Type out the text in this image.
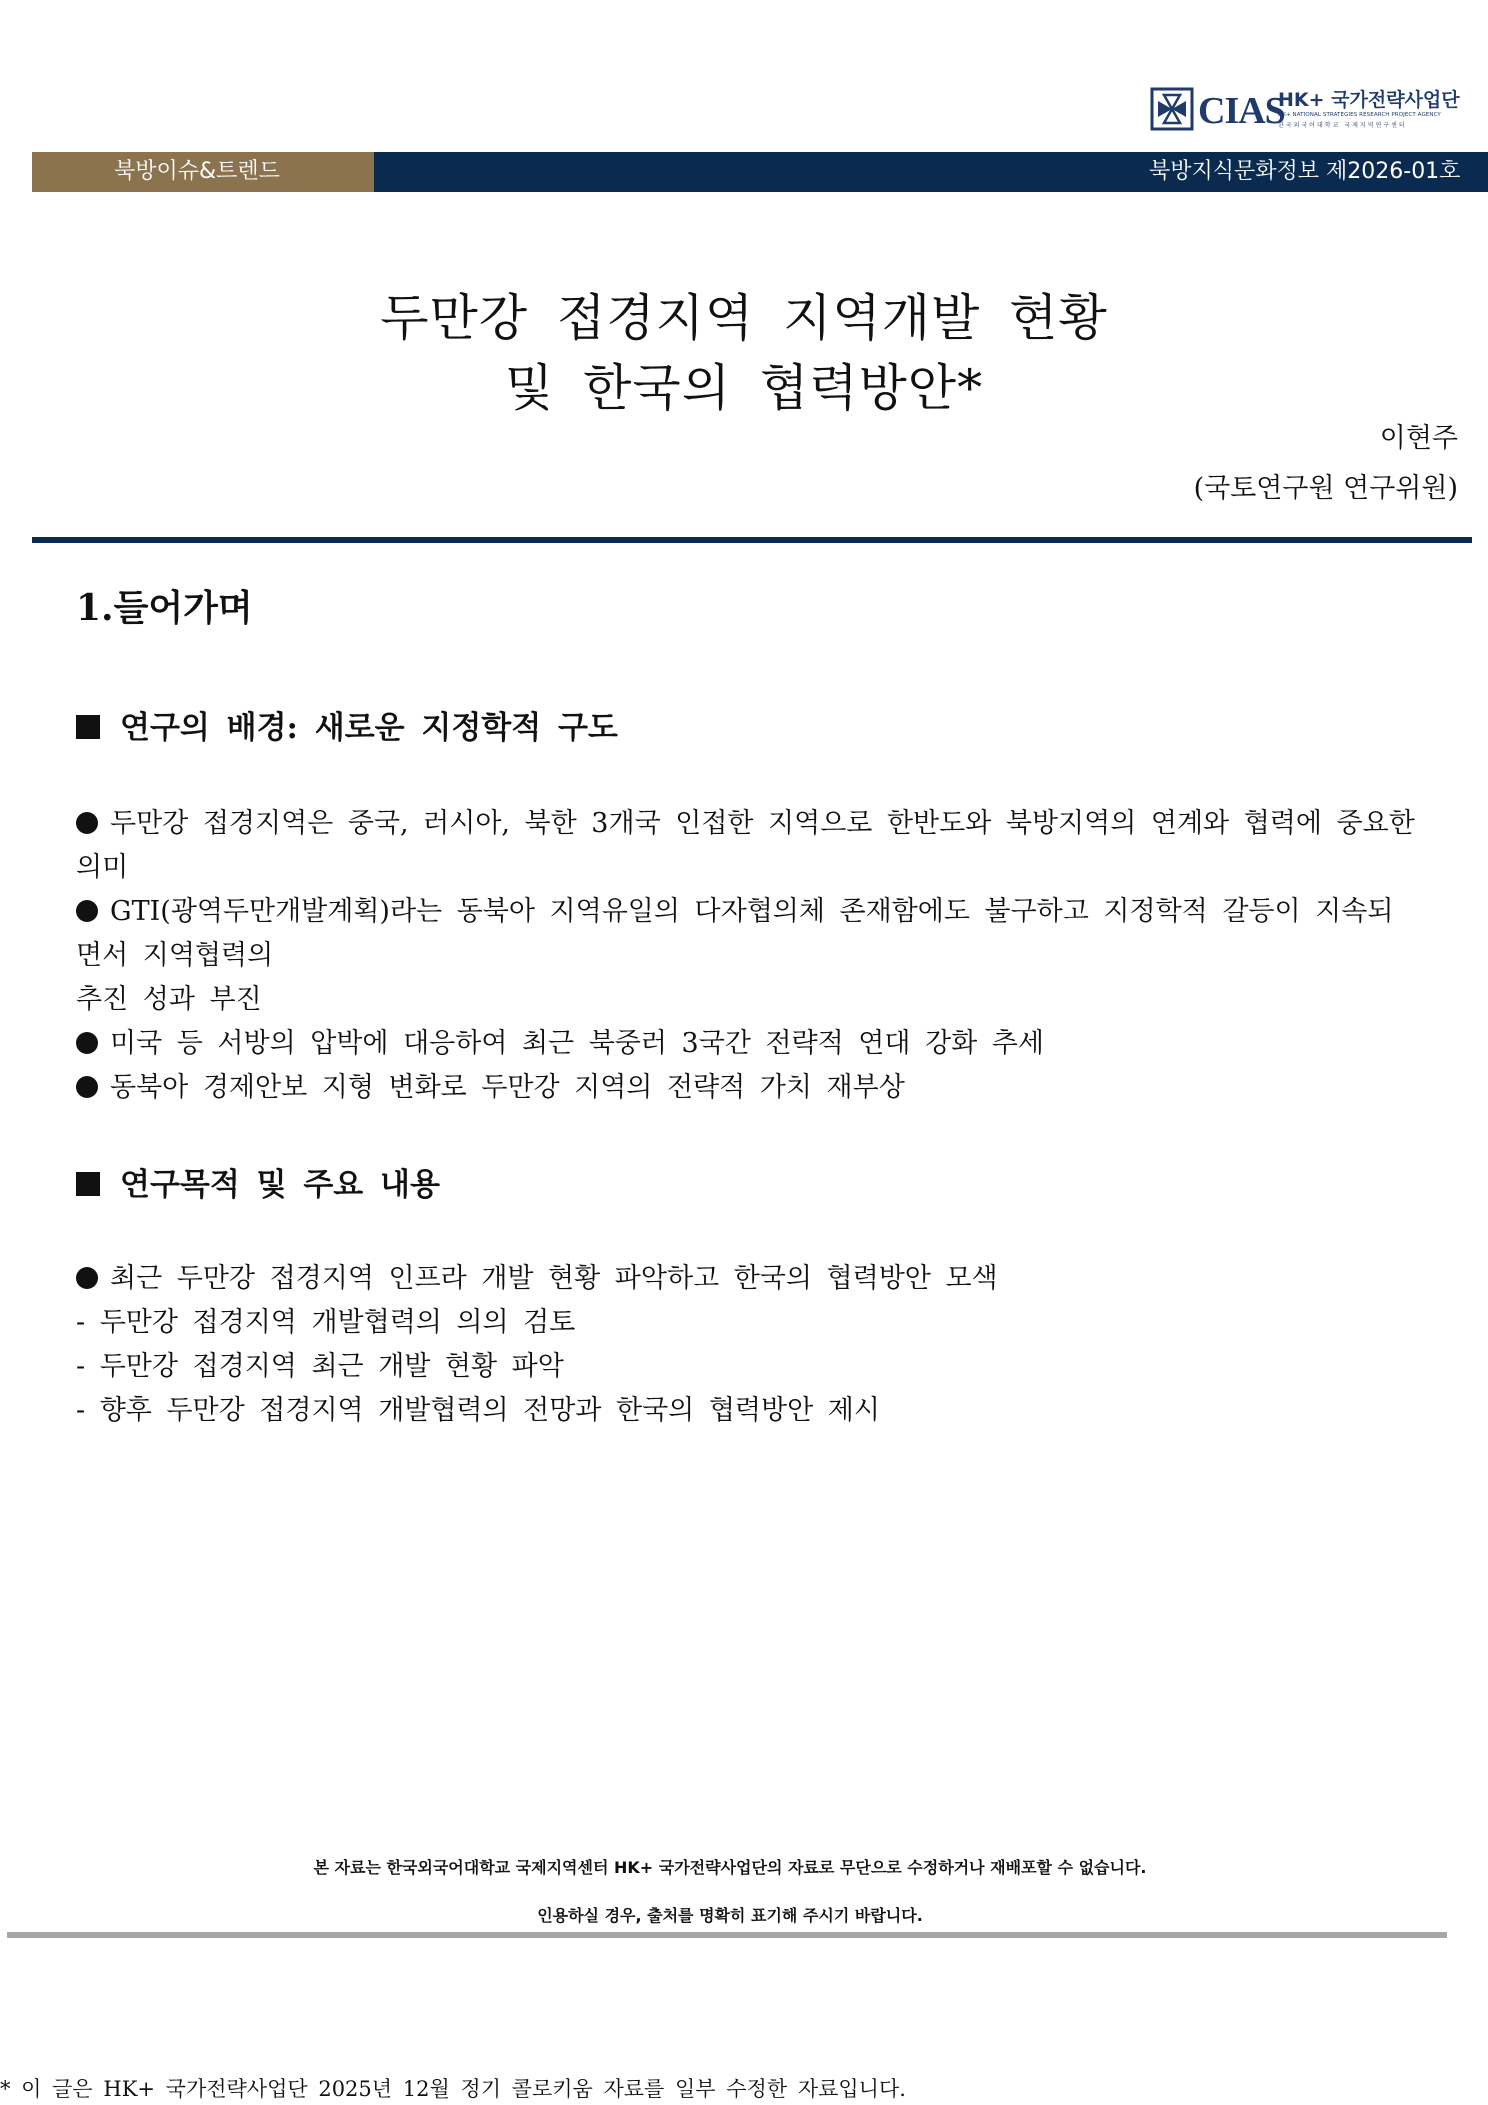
CIAS
HK+ 국가전략사업단
HK+ NATIONAL STRATEGIES RESEARCH PROJECT AGENCY
한국외국어대학교 국제지역연구센터
북방이슈&트렌드	북방지식문화정보 제2026-01호
두만강 접경지역 지역개발 현황
및 한국의 협력방안*
이현주
(국토연구원 연구위원)
1.들어가며
연구의 배경: 새로운 지정학적 구도

두만강 접경지역은 중국, 러시아, 북한 3개국 인접한 지역으로 한반도와 북방지역의 연계와 협력에 중요한 의미

GTI(광역두만개발계획)라는 동북아 지역유일의 다자협의체 존재함에도 불구하고 지정학적 갈등이 지속되면서 지역협력의

추진 성과 부진

미국 등 서방의 압박에 대응하여 최근 북중러 3국간 전략적 연대 강화 추세

동북아 경제안보 지형 변화로 두만강 지역의 전략적 가치 재부상

연구목적 및 주요 내용

최근 두만강 접경지역 인프라 개발 현황 파악하고 한국의 협력방안 모색

- 두만강 접경지역 개발협력의 의의 검토

- 두만강 접경지역 최근 개발 현황 파악

- 향후 두만강 접경지역 개발협력의 전망과 한국의 협력방안 제시

본 자료는 한국외국어대학교 국제지역센터 HK+ 국가전략사업단의 자료로 무단으로 수정하거나 재배포할 수 없습니다.
인용하실 경우, 출처를 명확히 표기해 주시기 바랍니다.
* 이 글은 HK+ 국가전략사업단 2025년 12월 정기 콜로키움 자료를 일부 수정한 자료입니다.
